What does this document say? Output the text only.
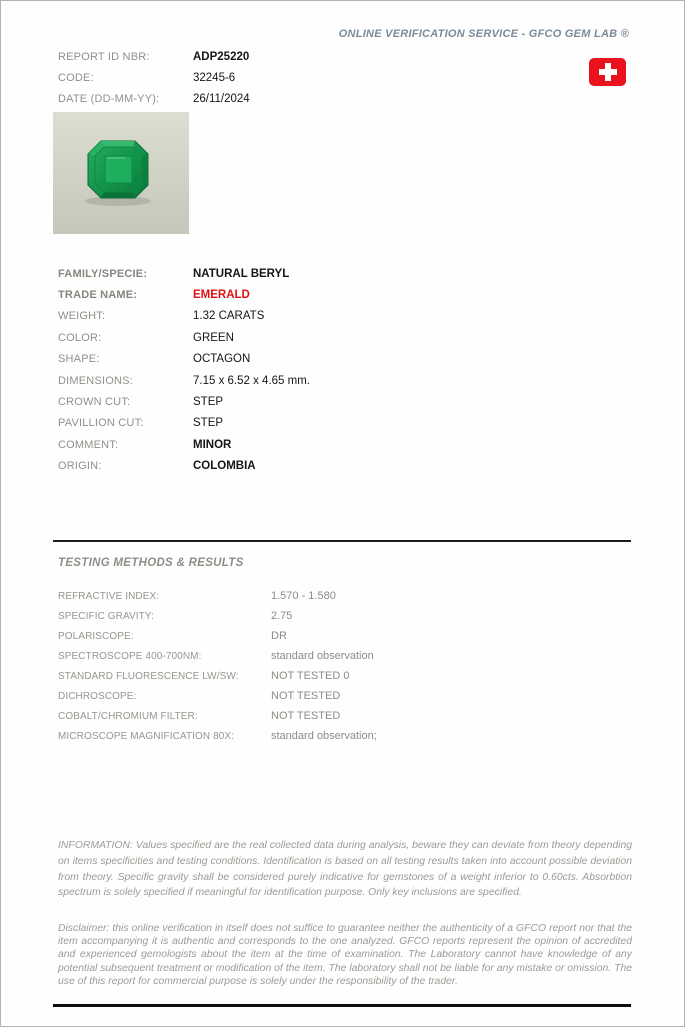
ONLINE VERIFICATION SERVICE - GFCO GEM LAB ®
REPORT ID NBR:	ADP25220
CODE:	32245-6
DATE (DD-MM-YY):	26/11/2024
FAMILY/SPECIE:	NATURAL BERYL
TRADE NAME:	EMERALD
WEIGHT:	1.32 CARATS
COLOR:	GREEN
SHAPE:	OCTAGON
DIMENSIONS:	7.15 x 6.52 x 4.65 mm.
CROWN CUT:	STEP
PAVILLION CUT:	STEP
COMMENT:	MINOR
ORIGIN:	COLOMBIA
TESTING METHODS & RESULTS
REFRACTIVE INDEX:	1.570 - 1.580
SPECIFIC GRAVITY:	2.75
POLARISCOPE:	DR
SPECTROSCOPE 400-700NM:	standard observation
STANDARD FLUORESCENCE LW/SW:	NOT TESTED 0
DICHROSCOPE:	NOT TESTED
COBALT/CHROMIUM FILTER:	NOT TESTED
MICROSCOPE MAGNIFICATION 80X:	standard observation;
INFORMATION: Values specified are the real collected data during analysis, beware they can deviate from theory depending on items specificities and testing conditions. Identification is based on all testing results taken into account possible deviation from theory. Specific gravity shall be considered purely indicative for gemstones of a weight inferior to 0.60cts. Absorbtion spectrum is solely specified if meaningful for identification purpose. Only key inclusions are specified.
Disclaimer: this online verification in itself does not suffice to guarantee neither the authenticity of a GFCO report nor that the item accompanying it is authentic and corresponds to the one analyzed. GFCO reports represent the opinion of accredited and experienced gemologists about the item at the time of examination. The Laboratory cannot have knowledge of any potential subsequent treatment or modification of the item. The laboratory shall not be liable for any mistake or omission. The use of this report for commercial purpose is solely under the responsibility of the trader.
